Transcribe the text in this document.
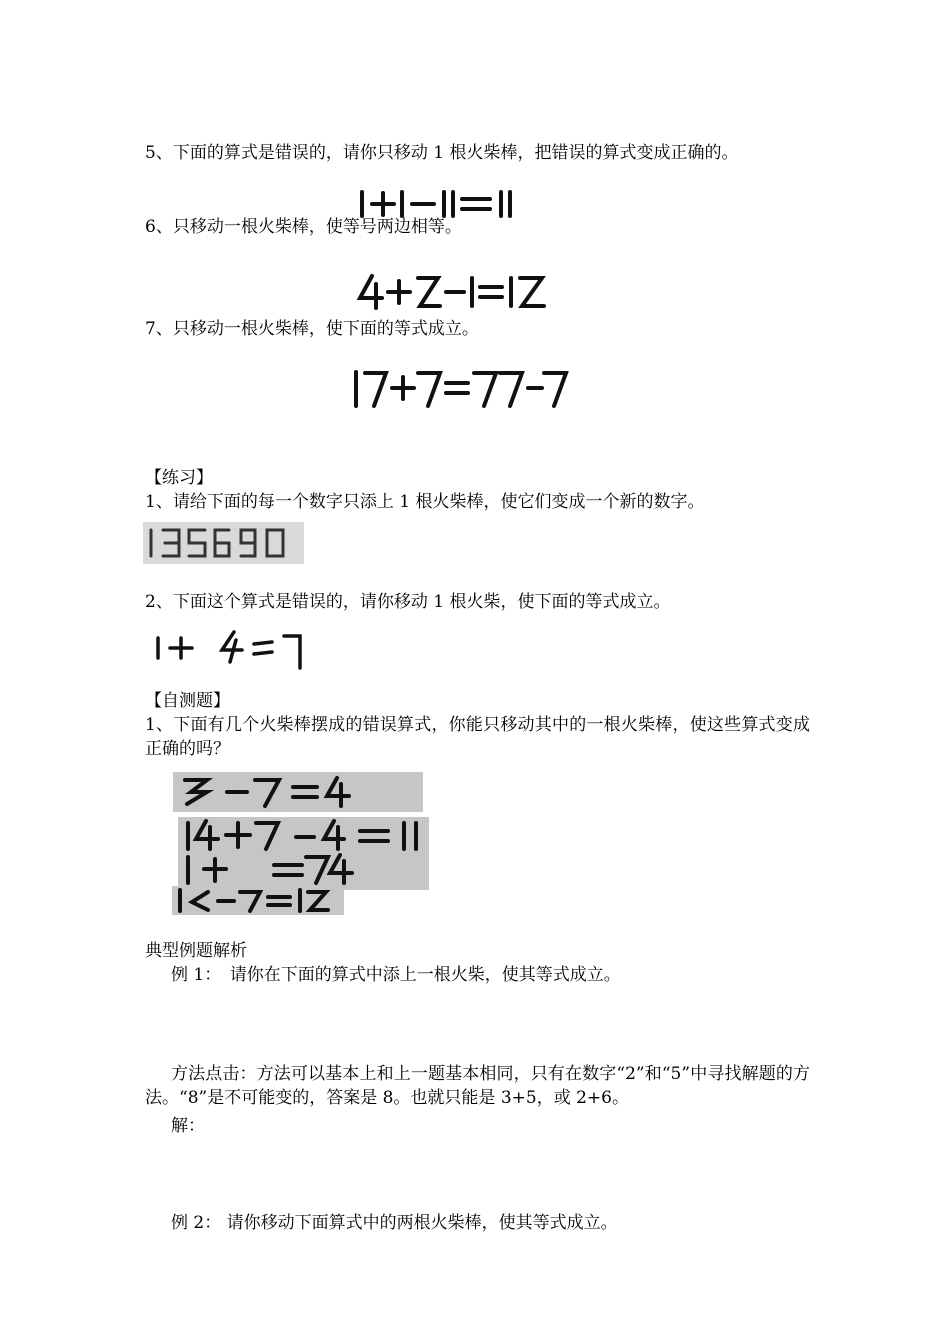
5、下面的算式是错误的，请你只移动 1 根火柴棒，把错误的算式变成正确的。
6、只移动一根火柴棒，使等号两边相等。
7、只移动一根火柴棒，使下面的等式成立。
【练习】
1、请给下面的每一个数字只添上 1 根火柴棒，使它们变成一个新的数字。
2、下面这个算式是错误的，请你移动 1 根火柴，使下面的等式成立。
【自测题】
1、下面有几个火柴棒摆成的错误算式，你能只移动其中的一根火柴棒，使这些算式变成正确的吗？
典型例题解析
例 1：　请你在下面的算式中添上一根火柴，使其等式成立。
方法点击：方法可以基本上和上一题基本相同，只有在数字“2”和“5”中寻找解题的方法。“8”是不可能变的，答案是 8。也就只能是 3+5，或 2+6。
解：
例 2： 请你移动下面算式中的两根火柴棒，使其等式成立。
